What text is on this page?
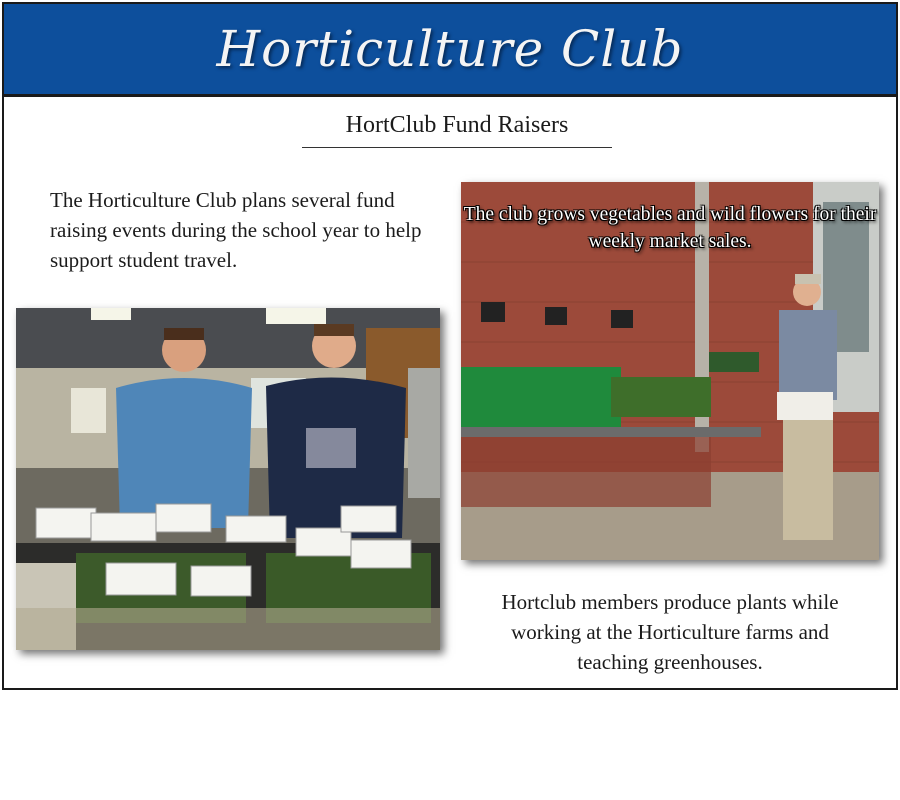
Horticulture Club
HortClub Fund Raisers
The Horticulture Club plans several fund raising events during the school year to help support student travel.
The club grows vegetables and wild flowers for their weekly market sales.
Hortclub members produce plants while working at the Horticulture farms and teaching greenhouses.
